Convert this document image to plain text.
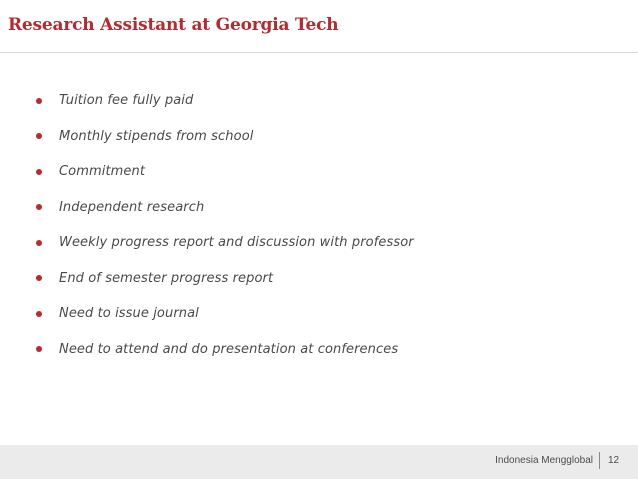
Research Assistant at Georgia Tech
Tuition fee fully paid
Monthly stipends from school
Commitment
Independent research
Weekly progress report and discussion with professor
End of semester progress report
Need to issue journal
Need to attend and do presentation at conferences
Indonesia Mengglobal 12
